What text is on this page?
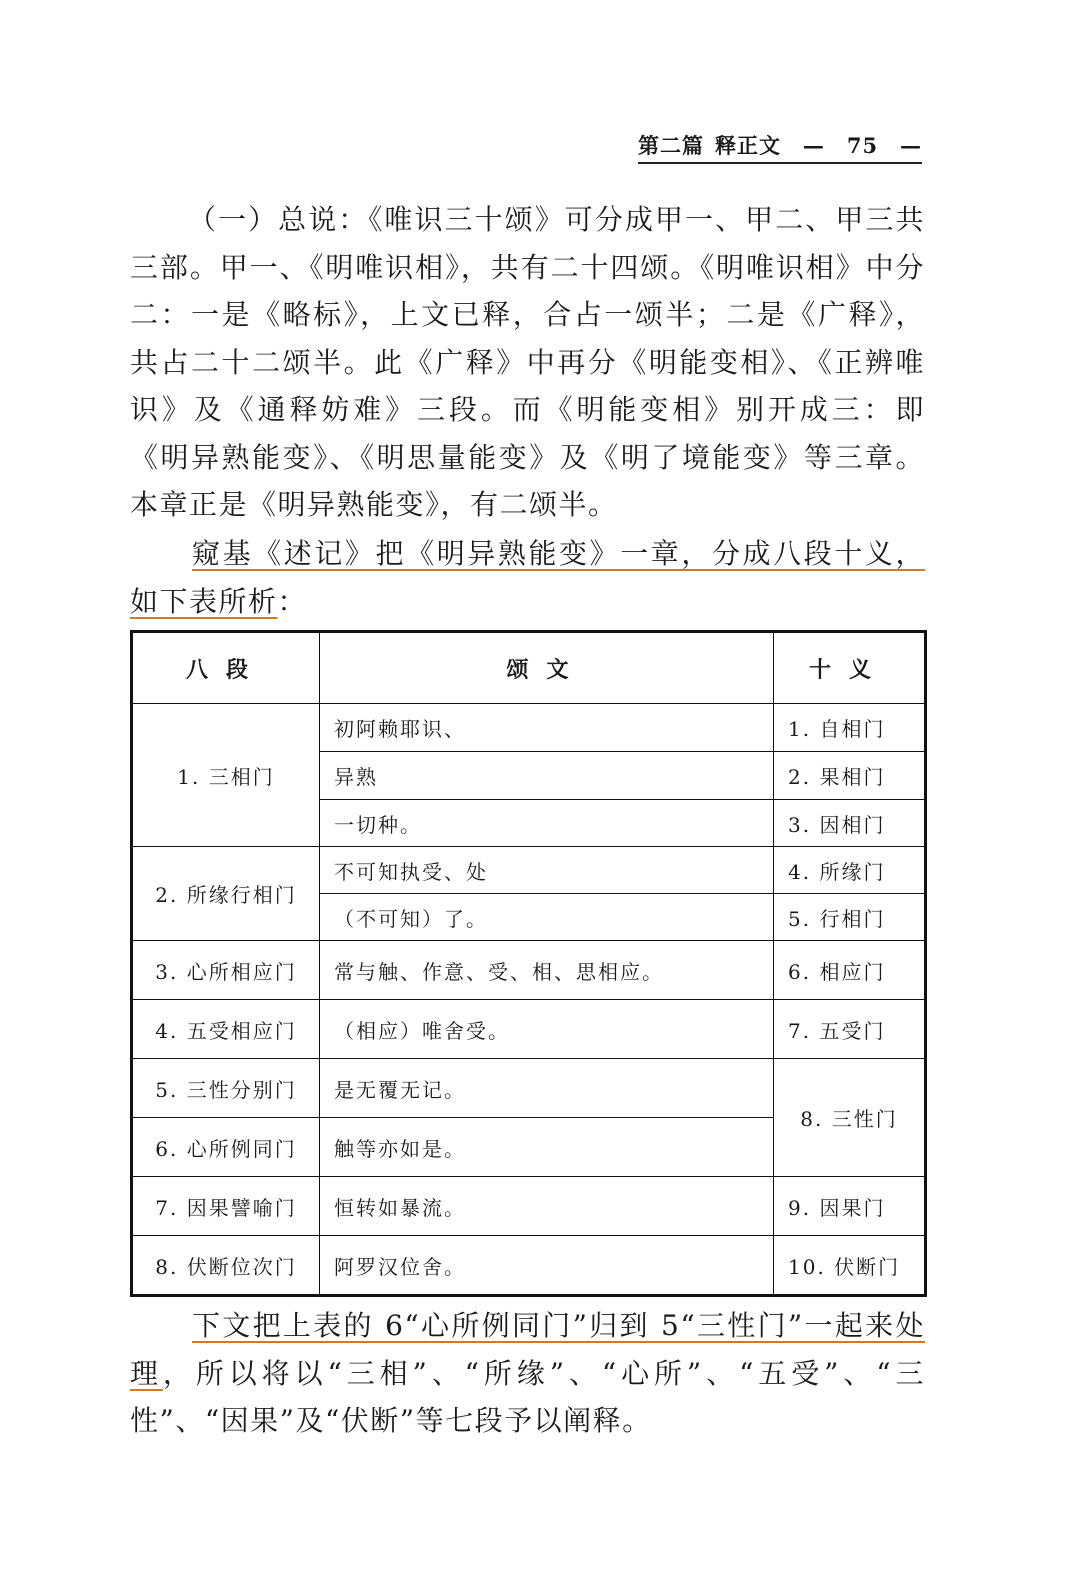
第二篇 释正文 — 75 —

（一）总说：《唯识三十颂》可分成甲一、甲二、甲三共三部。甲一、《明唯识相》，共有二十四颂。《明唯识相》中分二：一是《略标》，上文已释，合占一颂半；二是《广释》，共占二十二颂半。此《广释》中再分《明能变相》、《正辨唯识》及《通释妨难》三段。而《明能变相》别开成三：即《明异熟能变》、《明思量能变》及《明了境能变》等三章。本章正是《明异熟能变》，有二颂半。

窥基《述记》把《明异熟能变》一章，分成八段十义，如下表所析：

八段	颂文	十义
1. 三相门	初阿赖耶识、	1. 自相门
	异熟	2. 果相门
	一切种。	3. 因相门
2. 所缘行相门	不可知执受、处	4. 所缘门
	（不可知）了。	5. 行相门
3. 心所相应门	常与触、作意、受、相、思相应。	6. 相应门
4. 五受相应门	（相应）唯舍受。	7. 五受门
5. 三性分别门	是无覆无记。	8. 三性门
6. 心所例同门	触等亦如是。	
7. 因果譬喻门	恒转如暴流。	9. 因果门
8. 伏断位次门	阿罗汉位舍。	10. 伏断门

下文把上表的 6“心所例同门”归到 5“三性门”一起来处理，所以将以“三相”、“所缘”、“心所”、“五受”、“三性”、“因果”及“伏断”等七段予以阐释。
